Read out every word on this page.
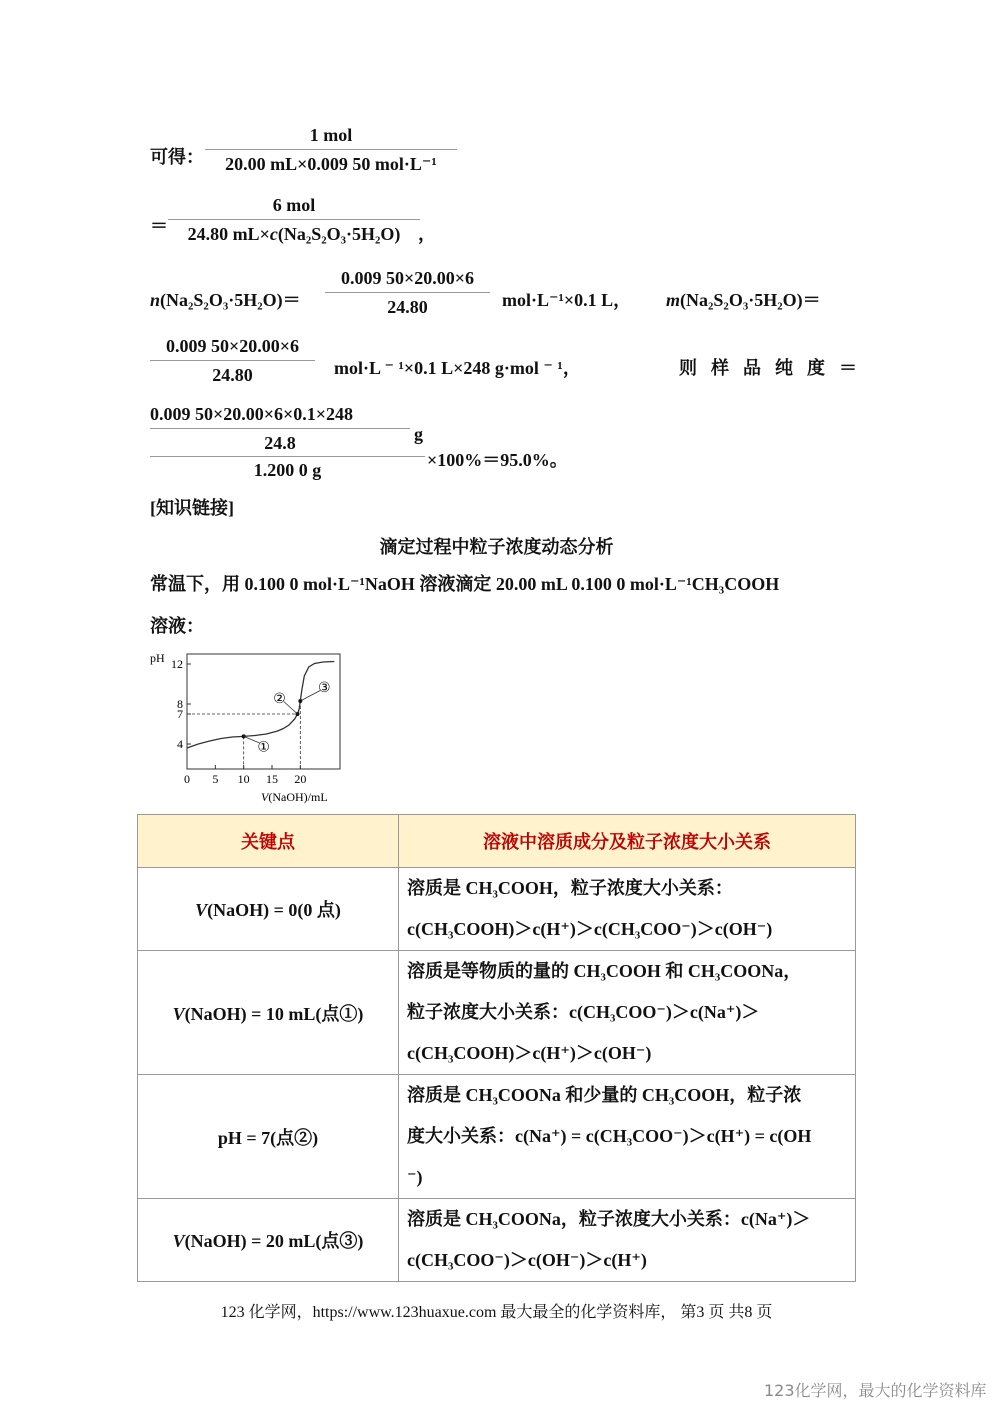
可得：
1 mol
20.00 mL×0.009 50 mol·L⁻¹
＝
6 mol
24.80 mL×c(Na₂S₂O₃·5H₂O) ，
n(Na₂S₂O₃·5H₂O)＝
0.009 50×20.00×6
24.80	mol·L⁻¹×0.1 L， m(Na₂S₂O₃·5H₂O)＝
0.009 50×20.00×6
24.80	mol·L ⁻ ¹×0.1 L×248 g·mol ⁻ ¹，	则样品纯度＝
0.009 50×20.00×6×0.1×248
24.8	g
1.200 0 g	×100%＝95.0%。
[知识链接]
滴定过程中粒子浓度动态分析
常温下，用 0.100 0 mol·L⁻¹NaOH 溶液滴定 20.00 mL 0.100 0 mol·L⁻¹CH₃COOH
溶液：
pH
4
7
8
12
0 5 10 15 20
①
②
③
V(NaOH)/mL
关键点	溶液中溶质成分及粒子浓度大小关系
V(NaOH) = 0(0 点)	溶质是 CH₃COOH，粒子浓度大小关系：
c(CH₃COOH)＞c(H⁺)＞c(CH₃COO⁻)＞c(OH⁻)

V(NaOH) = 10 mL(点①)	溶质是等物质的量的 CH₃COOH 和 CH₃COONa，
粒子浓度大小关系：c(CH₃COO⁻)＞c(Na⁺)＞
c(CH₃COOH)＞c(H⁺)＞c(OH⁻)

pH = 7(点②)	溶质是 CH₃COONa 和少量的 CH₃COOH，粒子浓
度大小关系：c(Na⁺) = c(CH₃COO⁻)＞c(H⁺) = c(OH
⁻)

V(NaOH) = 20 mL(点③)	溶质是 CH₃COONa，粒子浓度大小关系：c(Na⁺)＞
c(CH₃COO⁻)＞c(OH⁻)＞c(H⁺)
123 化学网，https://www.123huaxue.com 最大最全的化学资料库， 第3 页 共8 页
123化学网，最大的化学资料库
